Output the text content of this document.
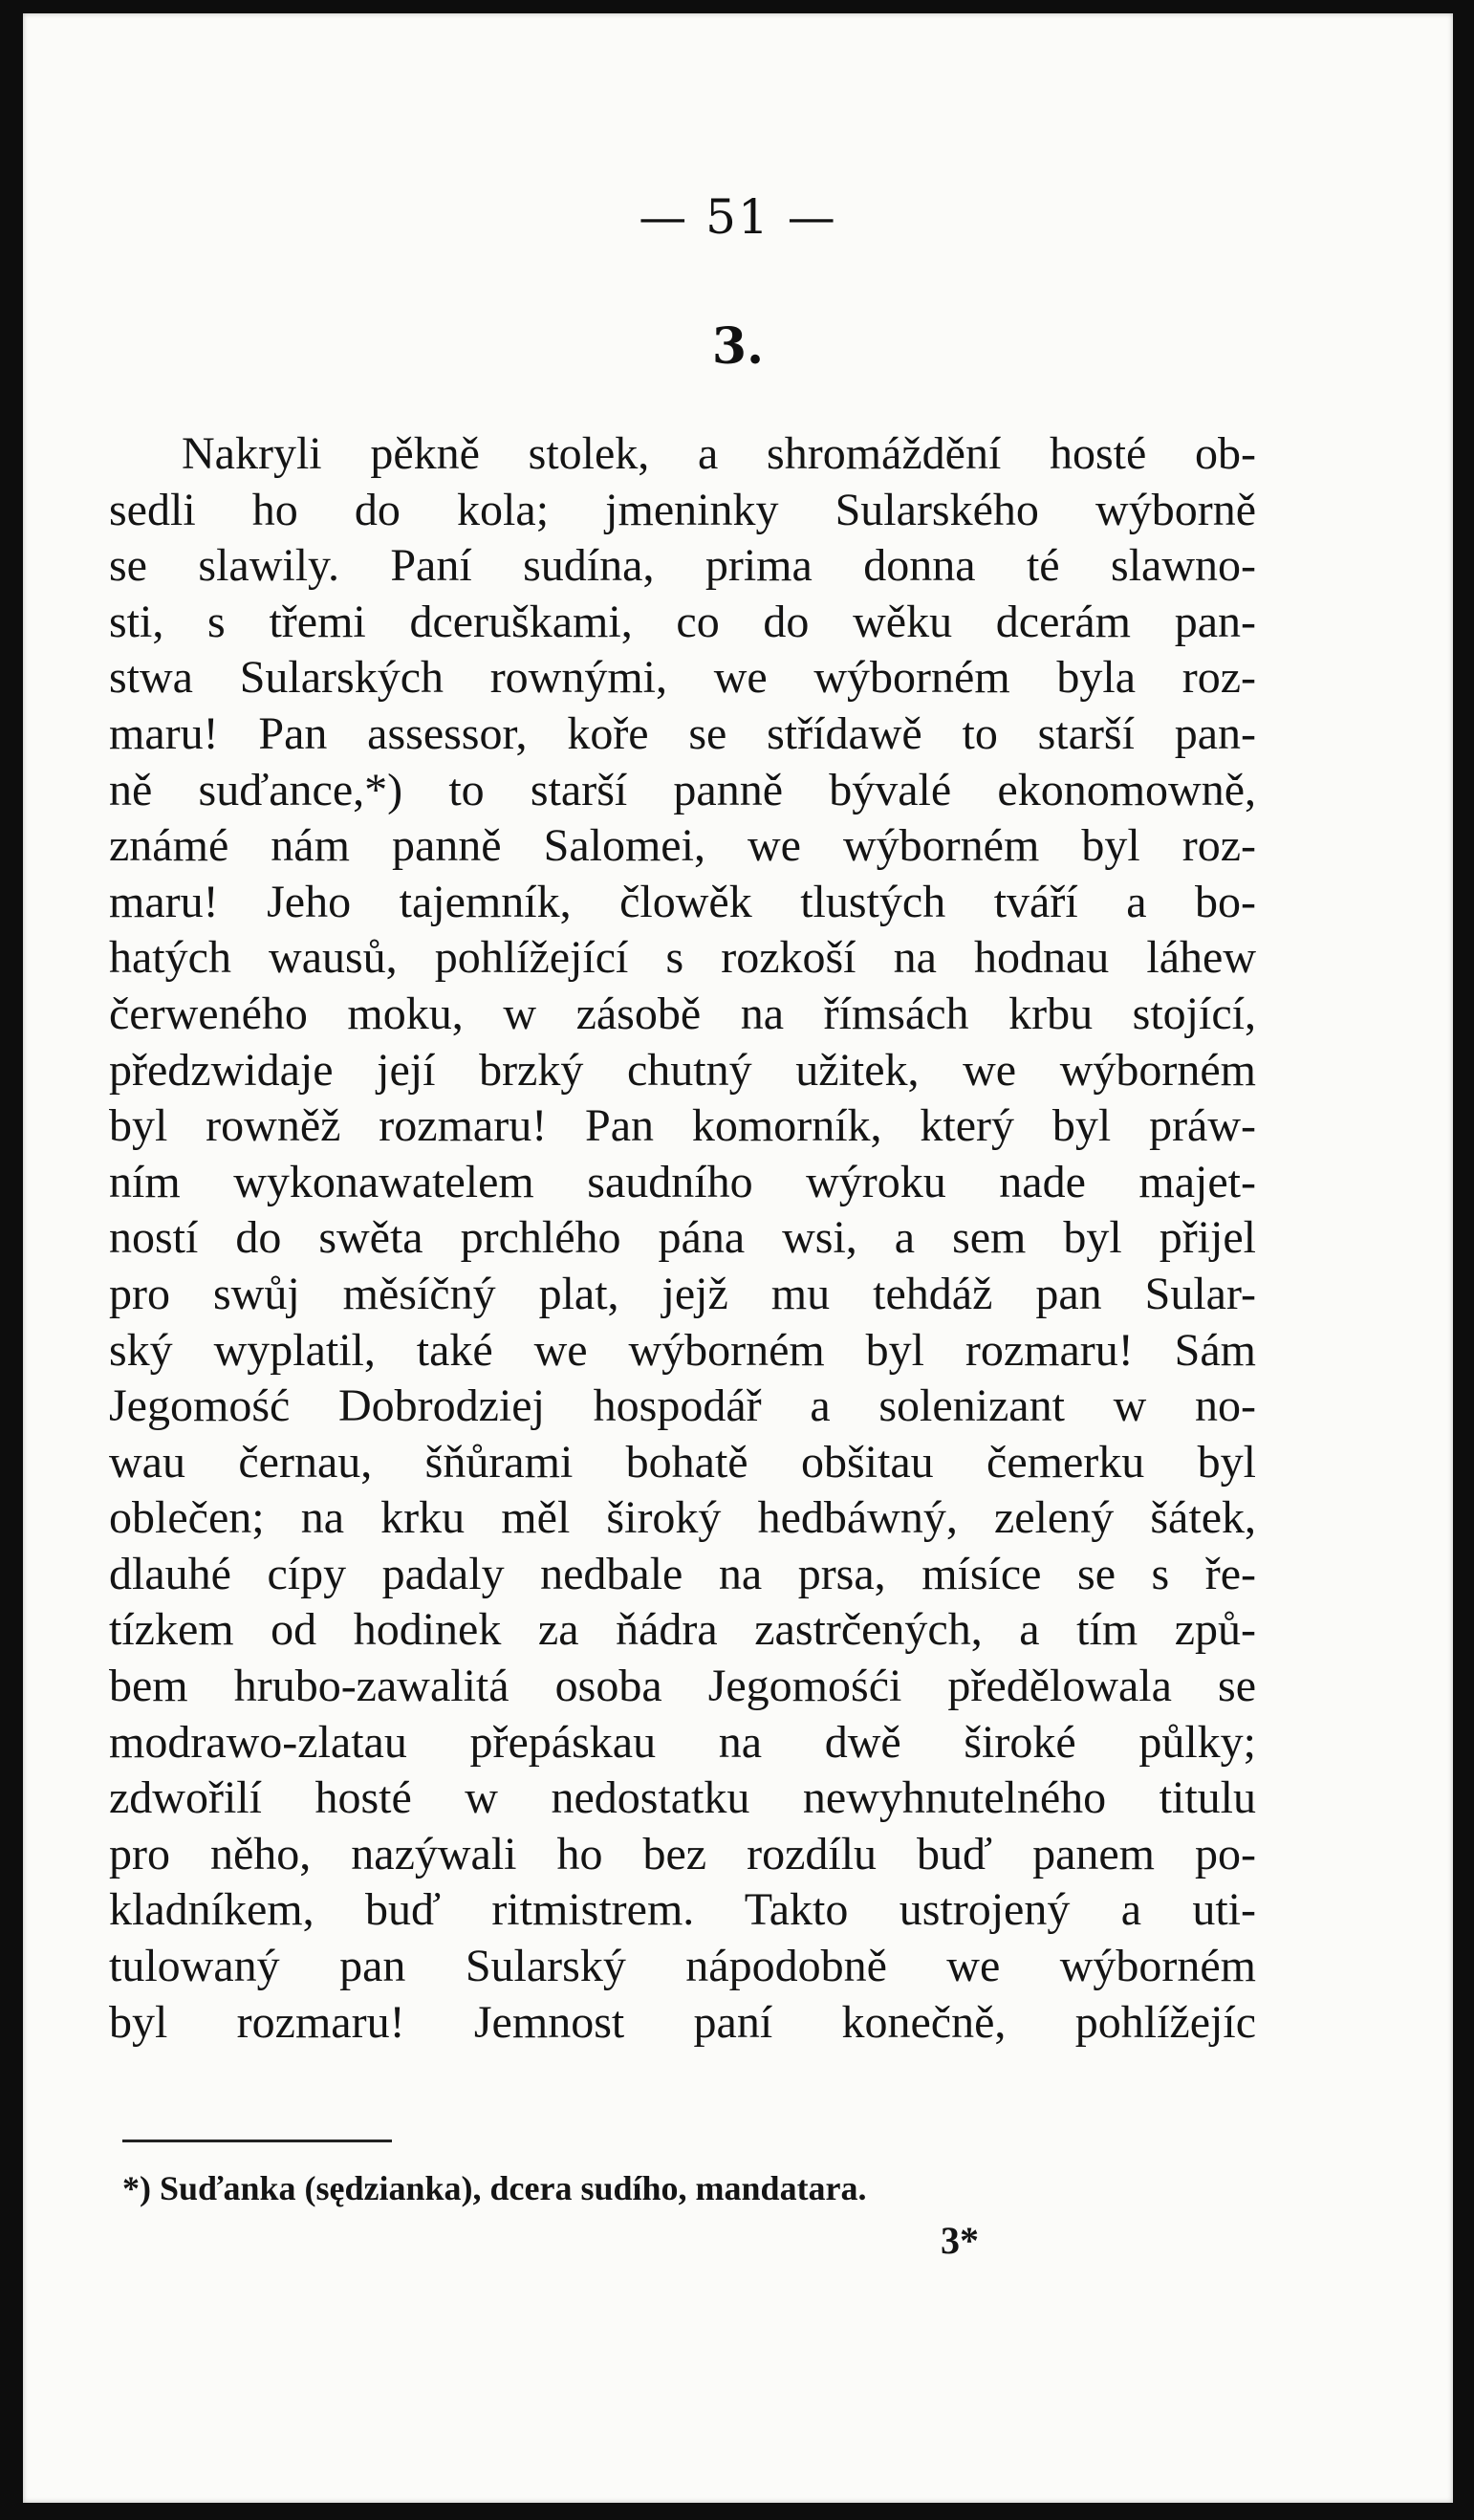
— 51 —
3.
Nakryli pěkně stolek, a shromáždění hosté ob-
sedli ho do kola; jmeninky Sularského wýborně
se slawily. Paní sudína, prima donna té slawno-
sti, s třemi dceruškami, co do wěku dcerám pan-
stwa Sularských rownými, we wýborném byla roz-
maru! Pan assessor, koře se střídawě to starší pan-
ně suďance,*) to starší panně bývalé ekonomowně,
známé nám panně Salomei, we wýborném byl roz-
maru! Jeho tajemník, člowěk tlustých tváří a bo-
hatých wausů, pohlížející s rozkoší na hodnau láhew
čerweného moku, w zásobě na římsách krbu stojící,
předzwidaje její brzký chutný užitek, we wýborném
byl rowněž rozmaru! Pan komorník, který byl práw-
ním wykonawatelem saudního wýroku nade majet-
ností do swěta prchlého pána wsi, a sem byl přijel
pro swůj měsíčný plat, jejž mu tehdáž pan Sular-
ský wyplatil, také we wýborném byl rozmaru! Sám
Jegomość Dobrodziej hospodář a solenizant w no-
wau černau, šňůrami bohatě obšitau čemerku byl
oblečen; na krku měl široký hedbáwný, zelený šátek,
dlauhé cípy padaly nedbale na prsa, mísíce se s ře-
tízkem od hodinek za ňádra zastrčených, a tím způ-
bem hrubo-zawalitá osoba Jegomośći předělowala se
modrawo-zlatau přepáskau na dwě široké půlky;
zdwořilí hosté w nedostatku newyhnutelného titulu
pro něho, nazýwali ho bez rozdílu buď panem po-
kladníkem, buď ritmistrem. Takto ustrojený a uti-
tulowaný pan Sularský nápodobně we wýborném
byl rozmaru! Jemnost paní konečně, pohlížejíc
*) Suďanka (sędzianka), dcera sudího, mandatara.
3*
